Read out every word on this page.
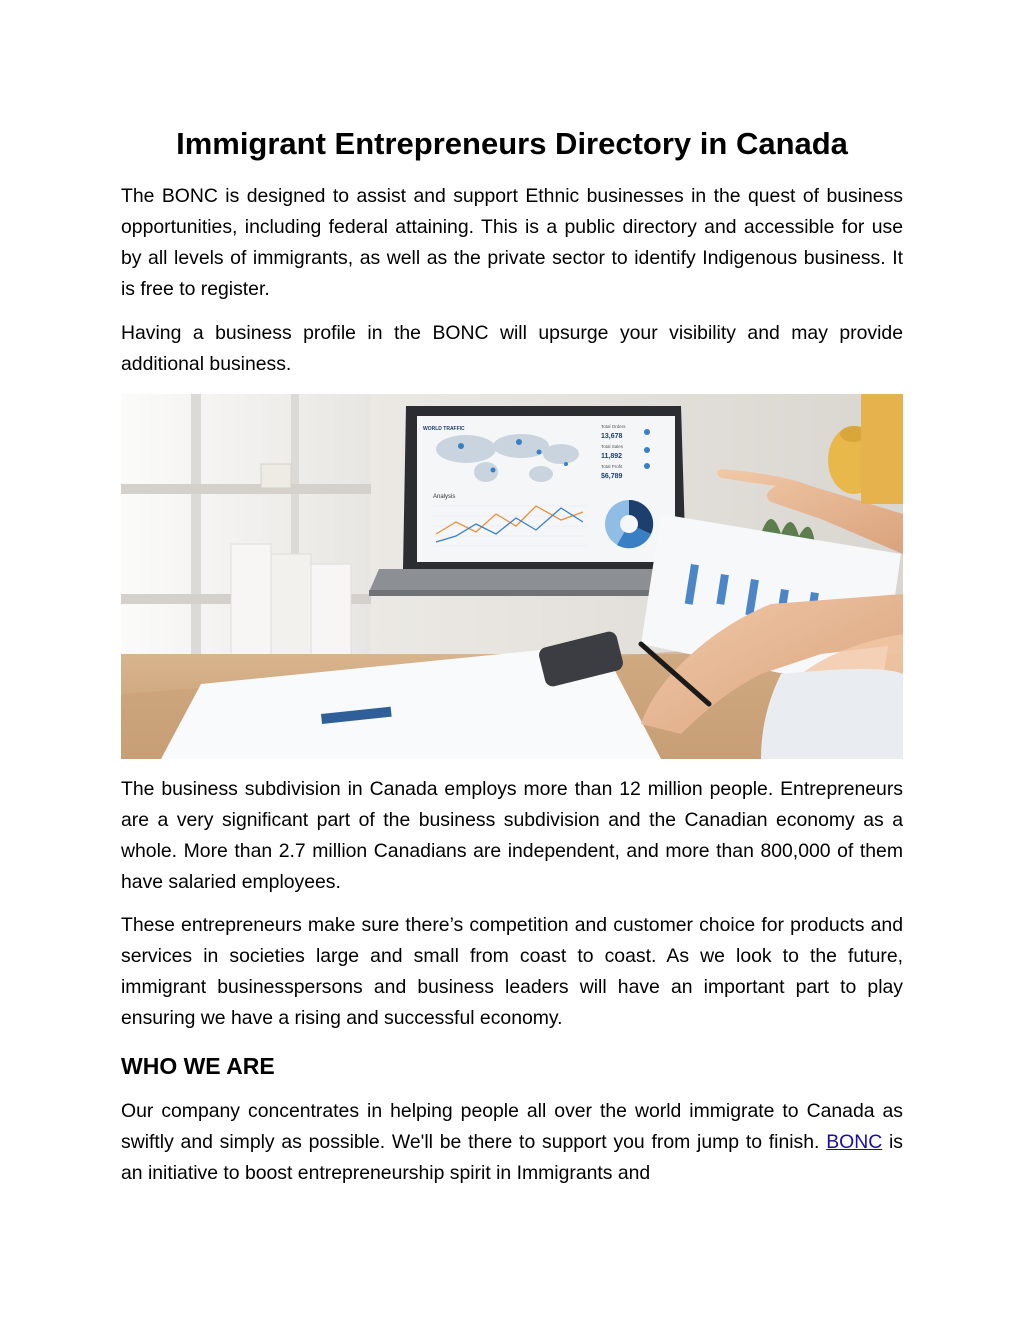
Immigrant Entrepreneurs Directory in Canada

The BONC is designed to assist and support Ethnic businesses in the quest of business opportunities, including federal attaining. This is a public directory and accessible for use by all levels of immigrants, as well as the private sector to identify Indigenous business. It is free to register.

Having a business profile in the BONC will upsurge your visibility and may provide additional business.

WORLD TRAFFIC	Total Orders
13,678
Total Sales
11,892
Total Profit
$6,789
Analysis

The business subdivision in Canada employs more than 12 million people. Entrepreneurs are a very significant part of the business subdivision and the Canadian economy as a whole. More than 2.7 million Canadians are independent, and more than 800,000 of them have salaried employees.

These entrepreneurs make sure there’s competition and customer choice for products and services in societies large and small from coast to coast. As we look to the future, immigrant businesspersons and business leaders will have an important part to play ensuring we have a rising and successful economy.

WHO WE ARE

Our company concentrates in helping people all over the world immigrate to Canada as swiftly and simply as possible. We'll be there to support you from jump to finish. BONC is an initiative to boost entrepreneurship spirit in Immigrants and
